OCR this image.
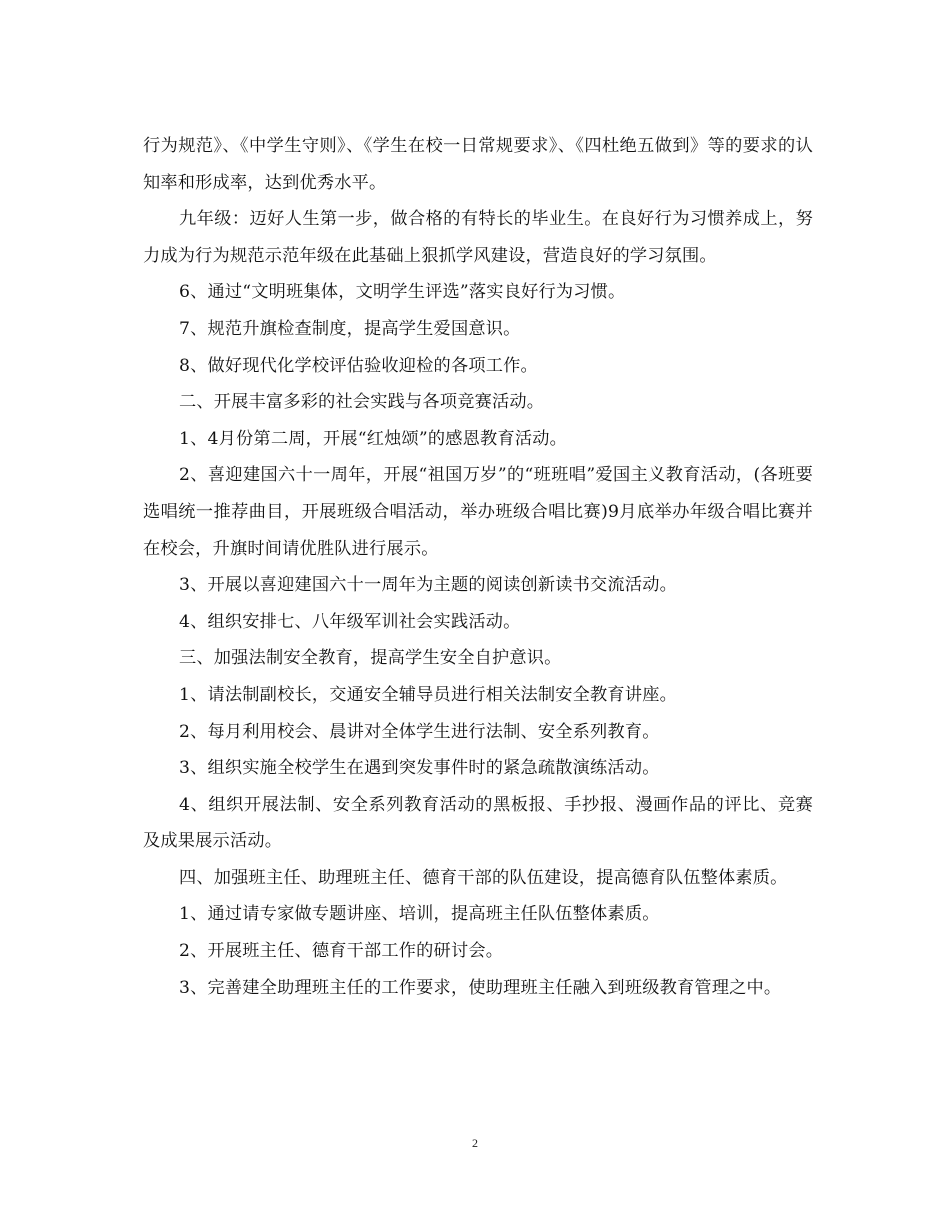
行为规范》、《中学生守则》、《学生在校一日常规要求》、《四杜绝五做到》等的要求的认知率和形成率，达到优秀水平。

九年级：迈好人生第一步，做合格的有特长的毕业生。在良好行为习惯养成上，努力成为行为规范示范年级在此基础上狠抓学风建设，营造良好的学习氛围。

6、通过“文明班集体，文明学生评选”落实良好行为习惯。

7、规范升旗检查制度，提高学生爱国意识。

8、做好现代化学校评估验收迎检的各项工作。

二、开展丰富多彩的社会实践与各项竞赛活动。

1、4月份第二周，开展“红烛颂”的感恩教育活动。

2、喜迎建国六十一周年，开展“祖国万岁”的“班班唱”爱国主义教育活动，(各班要选唱统一推荐曲目，开展班级合唱活动，举办班级合唱比赛)9月底举办年级合唱比赛并在校会，升旗时间请优胜队进行展示。

3、开展以喜迎建国六十一周年为主题的阅读创新读书交流活动。

4、组织安排七、八年级军训社会实践活动。

三、加强法制安全教育，提高学生安全自护意识。

1、请法制副校长，交通安全辅导员进行相关法制安全教育讲座。

2、每月利用校会、晨讲对全体学生进行法制、安全系列教育。

3、组织实施全校学生在遇到突发事件时的紧急疏散演练活动。

4、组织开展法制、安全系列教育活动的黑板报、手抄报、漫画作品的评比、竞赛及成果展示活动。

四、加强班主任、助理班主任、德育干部的队伍建设，提高德育队伍整体素质。

1、通过请专家做专题讲座、培训，提高班主任队伍整体素质。

2、开展班主任、德育干部工作的研讨会。

3、完善建全助理班主任的工作要求，使助理班主任融入到班级教育管理之中。

2
